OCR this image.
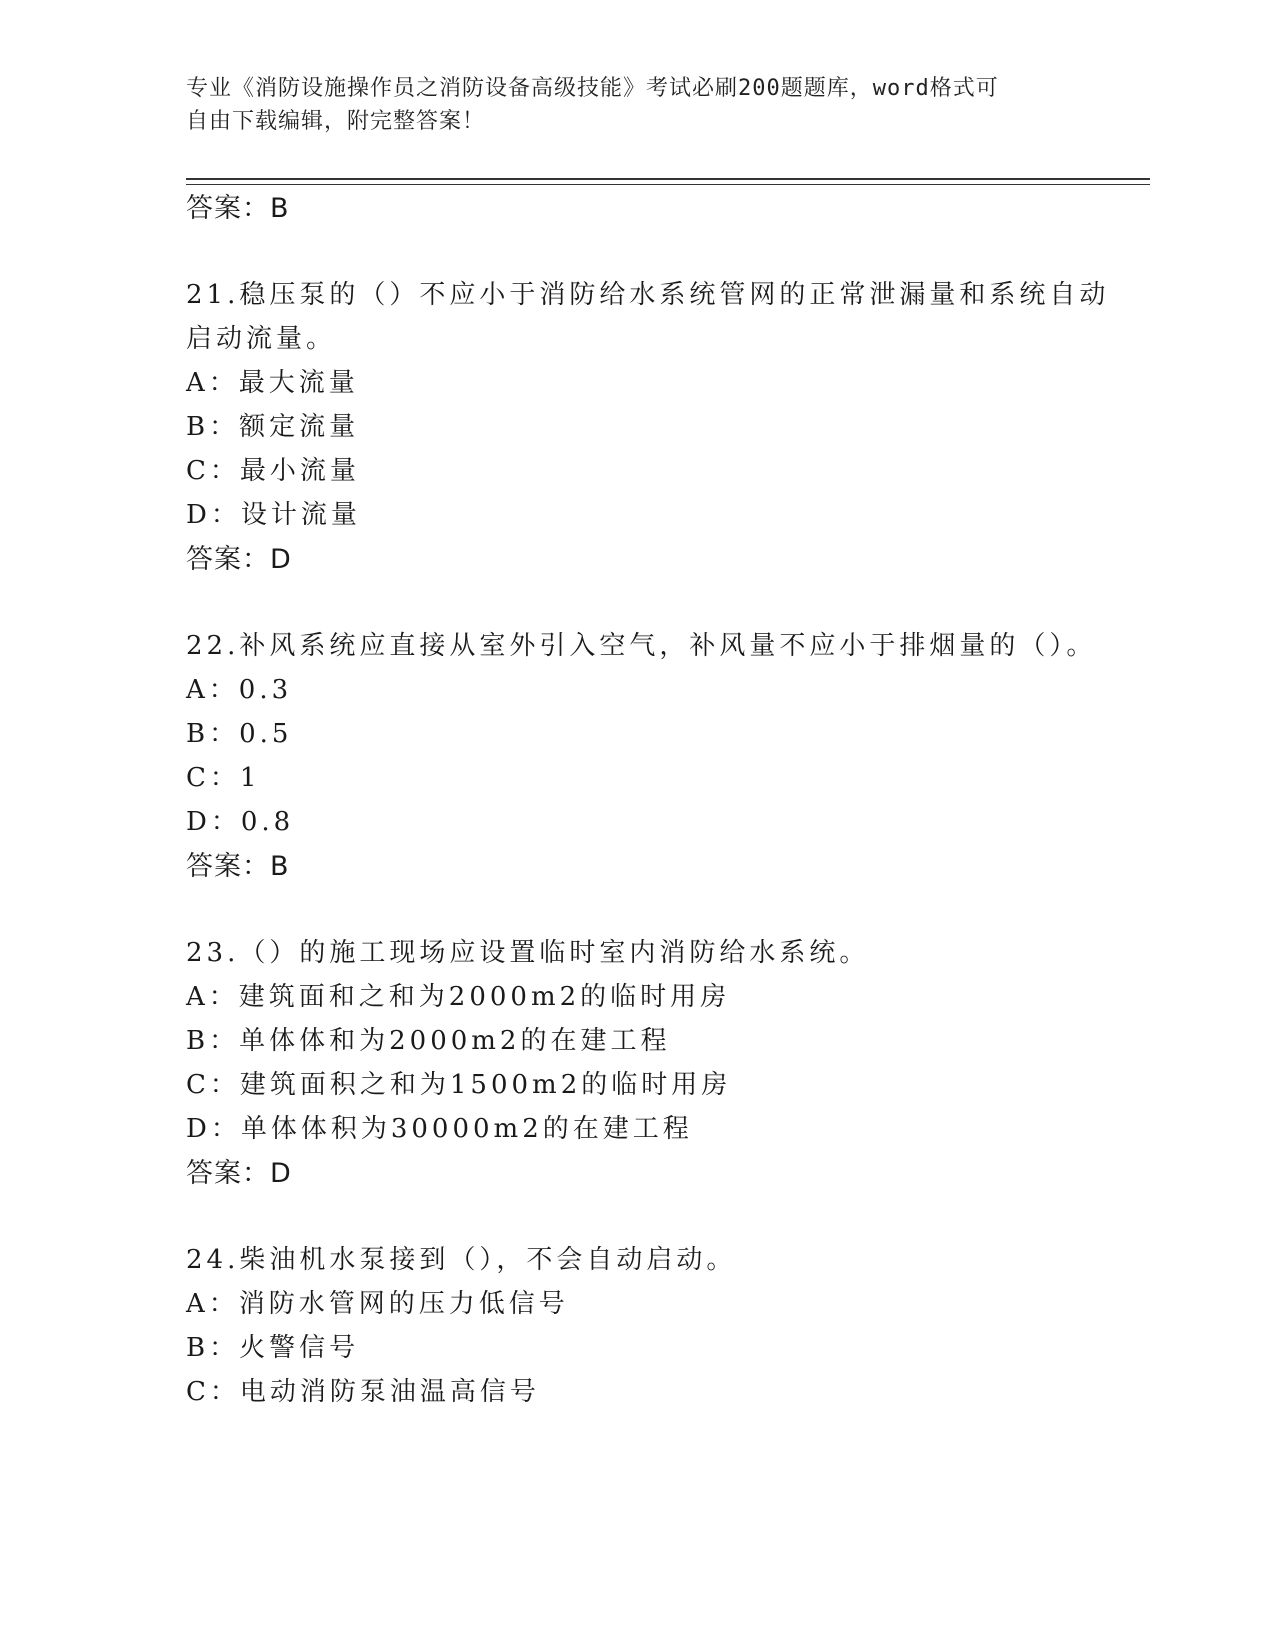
专业《消防设施操作员之消防设备高级技能》考试必刷200题题库，word格式可
自由下载编辑，附完整答案！
答案：B
21.稳压泵的（）不应小于消防给水系统管网的正常泄漏量和系统自动
启动流量。
A：最大流量
B：额定流量
C：最小流量
D：设计流量
答案：D
22.补风系统应直接从室外引入空气，补风量不应小于排烟量的（）。
A：0.3
B：0.5
C：1
D：0.8
答案：B
23.（）的施工现场应设置临时室内消防给水系统。
A：建筑面和之和为2000m2的临时用房
B：单体体和为2000m2的在建工程
C：建筑面积之和为1500m2的临时用房
D：单体体积为30000m2的在建工程
答案：D
24.柴油机水泵接到（），不会自动启动。
A：消防水管网的压力低信号
B：火警信号
C：电动消防泵油温高信号
